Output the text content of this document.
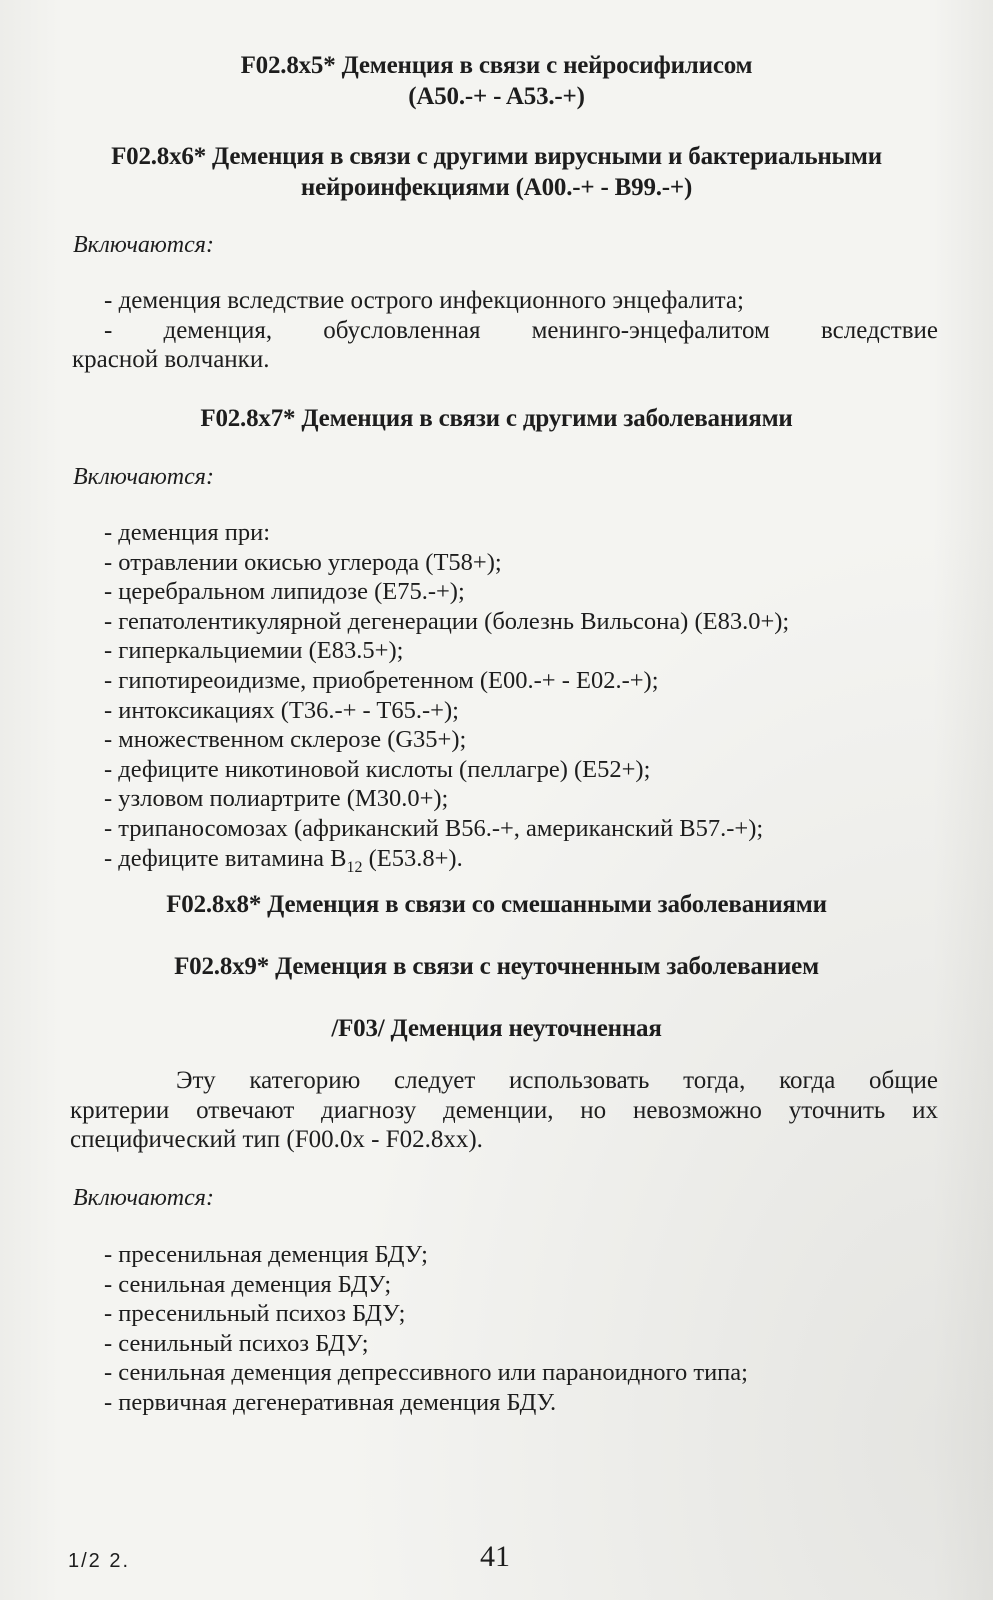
F02.8x5* Деменция в связи с нейросифилисом
(A50.-+ - A53.-+)
F02.8x6* Деменция в связи с другими вирусными и бактериальными
нейроинфекциями (A00.-+ - B99.-+)
Включаются:
- деменция вследствие острого инфекционного энцефалита;
- деменция, обусловленная менинго-энцефалитом вследствие
красной волчанки.
F02.8x7* Деменция в связи с другими заболеваниями
Включаются:
- деменция при:
- отравлении окисью углерода (T58+);
- церебральном липидозе (E75.-+);
- гепатолентикулярной дегенерации (болезнь Вильсона) (E83.0+);
- гиперкальциемии (E83.5+);
- гипотиреоидизме, приобретенном (E00.-+ - E02.-+);
- интоксикациях (T36.-+ - T65.-+);
- множественном склерозе (G35+);
- дефиците никотиновой кислоты (пеллагре) (E52+);
- узловом полиартрите (M30.0+);
- трипаносомозах (африканский B56.-+, американский B57.-+);
- дефиците витамина $B_{12}$ (E53.8+).
F02.8x8* Деменция в связи со смешанными заболеваниями
F02.8x9* Деменция в связи с неуточненным заболеванием
/F03/ Деменция неуточненная
Эту категорию следует использовать тогда, когда общие
критерии отвечают диагнозу деменции, но невозможно уточнить их
специфический тип (F00.0x - F02.8xx).
Включаются:
- пресенильная деменция БДУ;
- сенильная деменция БДУ;
- пресенильный психоз БДУ;
- сенильный психоз БДУ;
- сенильная деменция депрессивного или параноидного типа;
- первичная дегенеративная деменция БДУ.
1/2 2.	41
